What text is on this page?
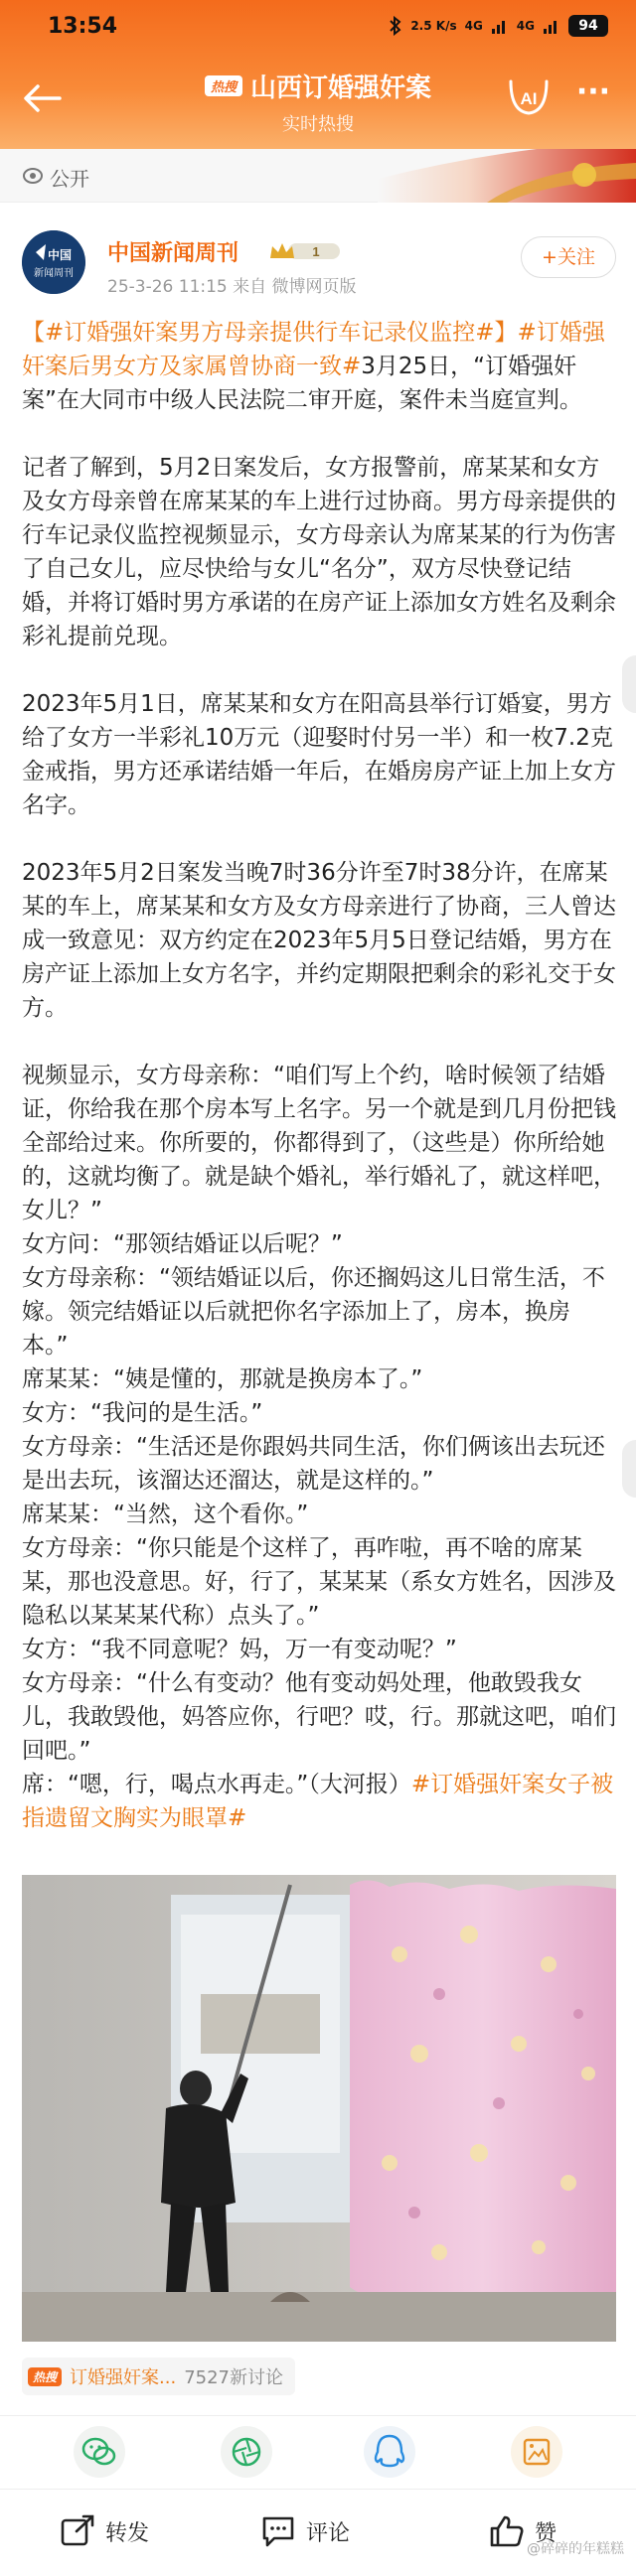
13:54	2.5 K/s 4G	4G	94
热搜 山西订婚强奸案
实时热搜
AI ···
公开
中国
新闻周刊
中国新闻周刊	1
25-3-26 11:15 来自 微博网页版
+关注

【#订婚强奸案男方母亲提供行车记录仪监控#】#订婚强奸案后男女方及家属曾协商一致#3月25日，“订婚强奸案”在大同市中级人民法院二审开庭，案件未当庭宣判。

记者了解到，5月2日案发后，女方报警前，席某某和女方及女方母亲曾在席某某的车上进行过协商。男方母亲提供的行车记录仪监控视频显示，女方母亲认为席某某的行为伤害了自己女儿，应尽快给与女儿“名分”，双方尽快登记结婚，并将订婚时男方承诺的在房产证上添加女方姓名及剩余彩礼提前兑现。

2023年5月1日，席某某和女方在阳高县举行订婚宴，男方给了女方一半彩礼10万元（迎娶时付另一半）和一枚7.2克金戒指，男方还承诺结婚一年后，在婚房房产证上加上女方名字。

2023年5月2日案发当晚7时36分许至7时38分许，在席某某的车上，席某某和女方及女方母亲进行了协商，三人曾达成一致意见：双方约定在2023年5月5日登记结婚，男方在房产证上添加上女方名字，并约定期限把剩余的彩礼交于女方。

视频显示，女方母亲称：“咱们写上个约，啥时候领了结婚证，你给我在那个房本写上名字。另一个就是到几月份把钱全部给过来。你所要的，你都得到了，（这些是）你所给她的，这就均衡了。就是缺个婚礼，举行婚礼了，就这样吧，女儿？”

女方问：“那领结婚证以后呢？”

女方母亲称：“领结婚证以后，你还搁妈这儿日常生活，不嫁。领完结婚证以后就把你名字添加上了，房本，换房本。”

席某某：“姨是懂的，那就是换房本了。”

女方：“我问的是生活。”

女方母亲：“生活还是你跟妈共同生活，你们俩该出去玩还是出去玩，该溜达还溜达，就是这样的。”

席某某：“当然，这个看你。”

女方母亲：“你只能是个这样了，再咋啦，再不啥的席某某，那也没意思。好，行了，某某某（系女方姓名，因涉及隐私以某某某代称）点头了。”

女方：“我不同意呢？妈，万一有变动呢？”

女方母亲：“什么有变动？他有变动妈处理，他敢毁我女儿，我敢毁他，妈答应你，行吧？哎，行。那就这吧，咱们回吧。”

席：“嗯，行，喝点水再走。”（大河报）#订婚强奸案女子被指遗留文胸实为眼罩#

热搜 订婚强奸案... 7527新讨论
转发	评论	赞
@碎碎的年糕糕
